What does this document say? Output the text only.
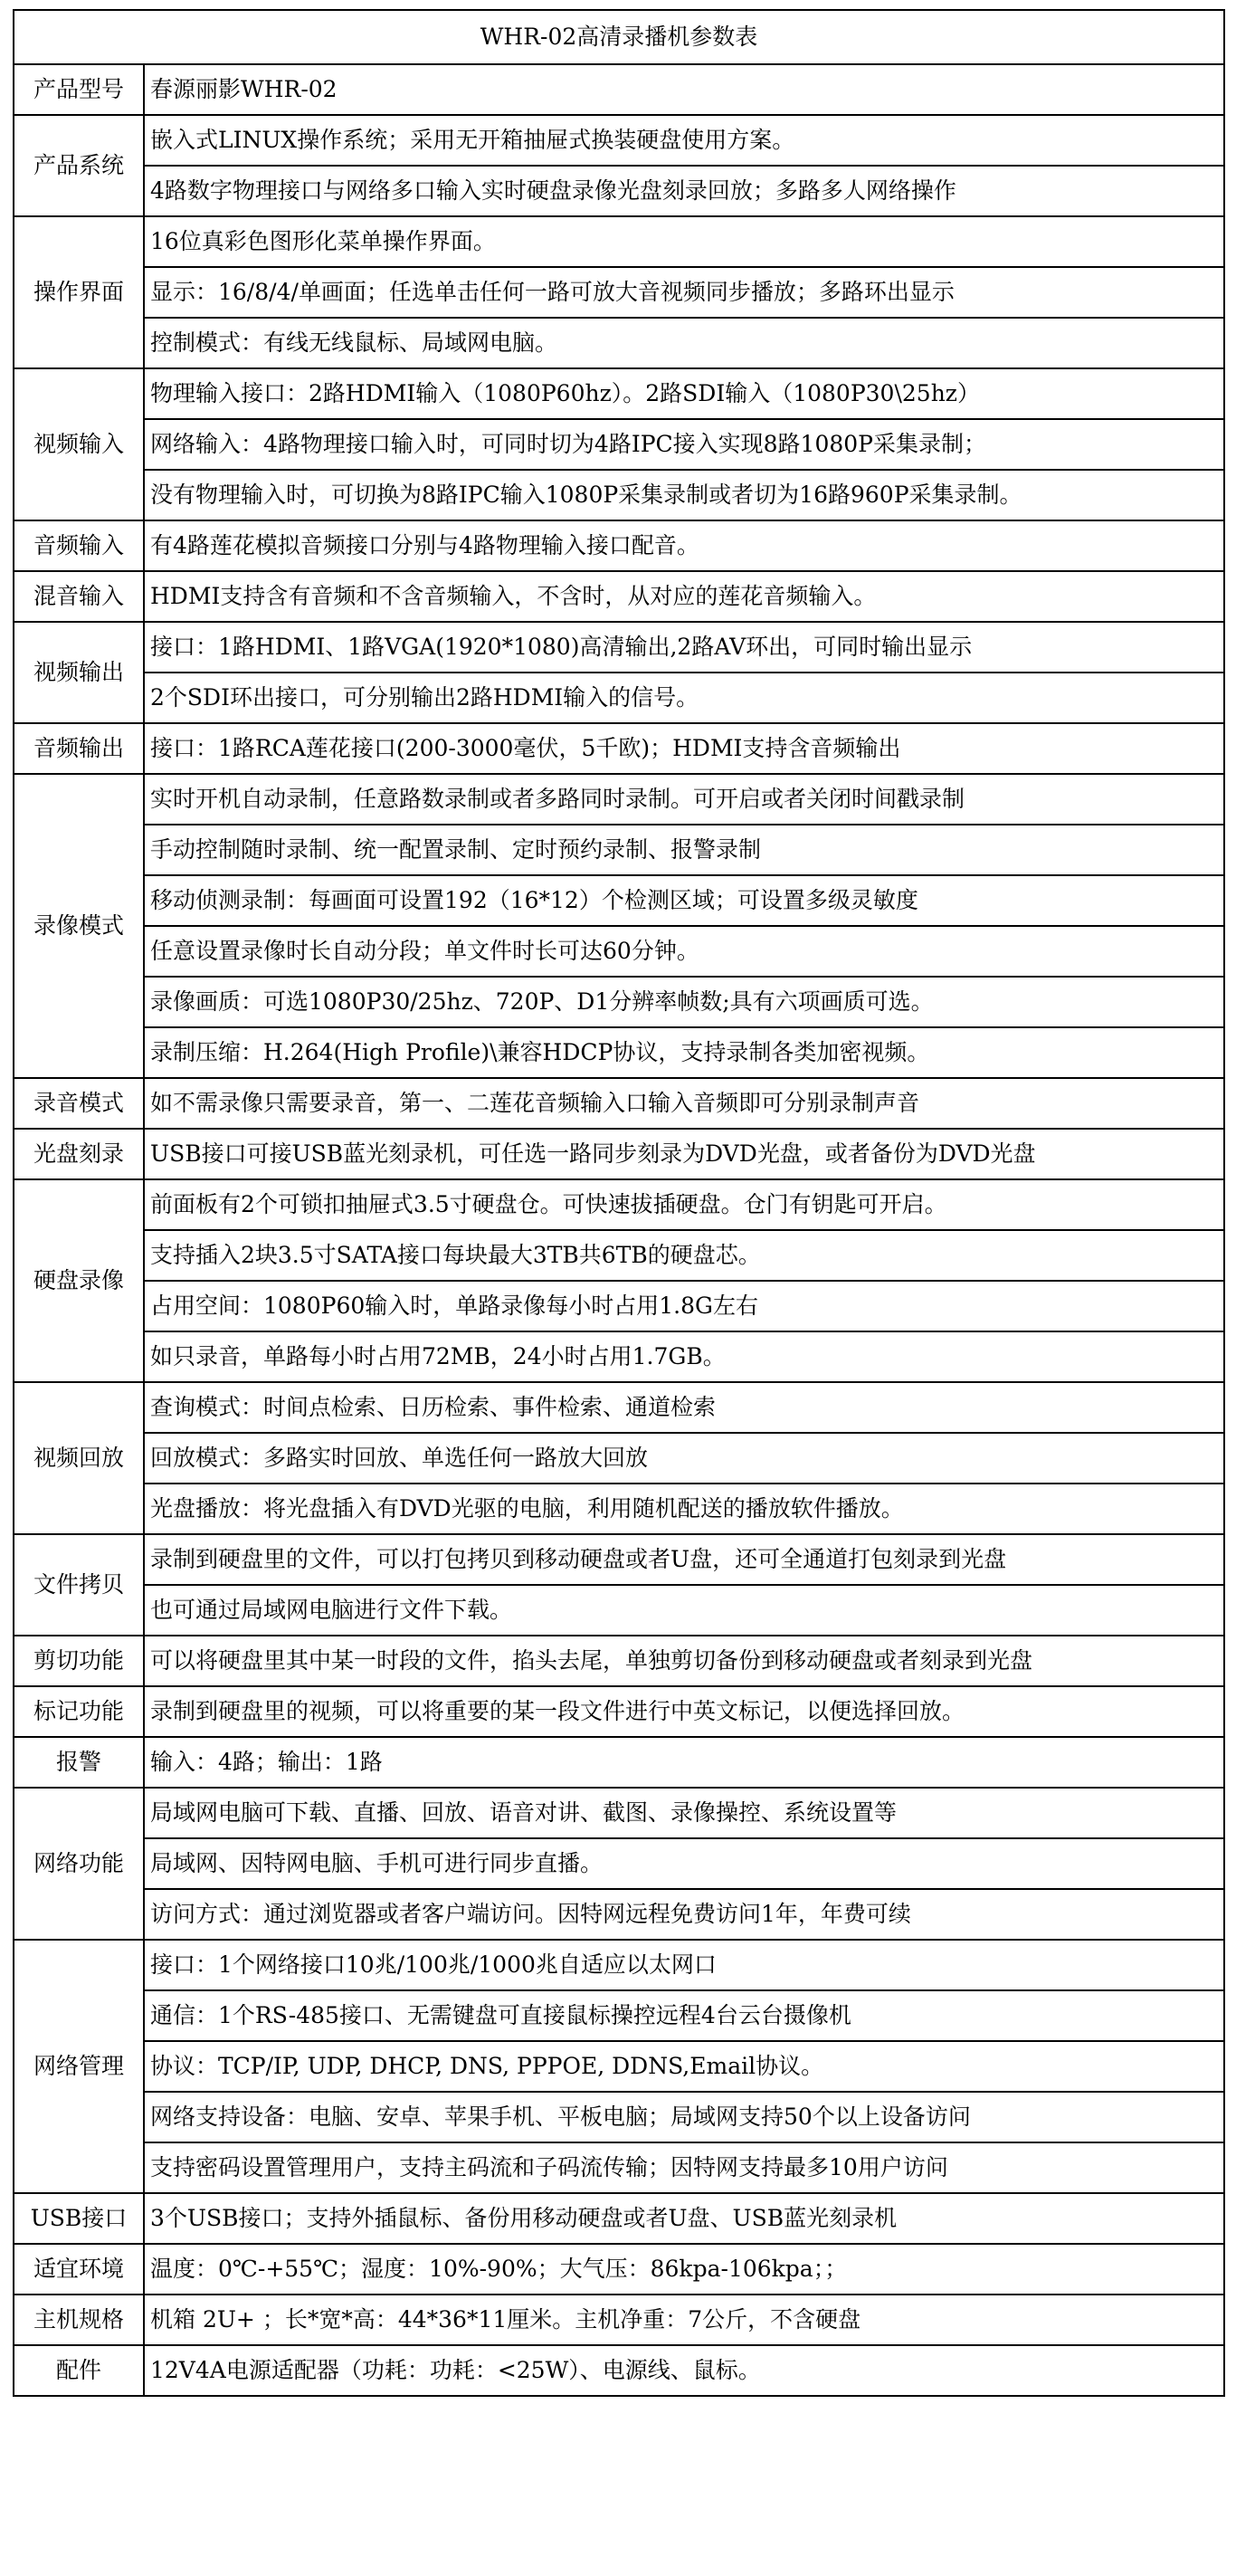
WHR-02高清录播机参数表	
产品型号	春源丽影WHR-02
产品系统	嵌入式LINUX操作系统；采用无开箱抽屉式换装硬盘使用方案。
	4路数字物理接口与网络多口输入实时硬盘录像光盘刻录回放；多路多人网络操作
操作界面	16位真彩色图形化菜单操作界面。
	显示：16/8/4/单画面；任选单击任何一路可放大音视频同步播放；多路环出显示
	控制模式：有线无线鼠标、局域网电脑。
视频输入	物理输入接口：2路HDMI输入（1080P60hz）。2路SDI输入（1080P30\25hz）
	网络输入：4路物理接口输入时，可同时切为4路IPC接入实现8路1080P采集录制；
	没有物理输入时，可切换为8路IPC输入1080P采集录制或者切为16路960P采集录制。
音频输入	有4路莲花模拟音频接口分别与4路物理输入接口配音。
混音输入	HDMI支持含有音频和不含音频输入，不含时，从对应的莲花音频输入。
视频输出	接口：1路HDMI、1路VGA(1920*1080)高清输出,2路AV环出，可同时输出显示
	2个SDI环出接口，可分别输出2路HDMI输入的信号。
音频输出	接口：1路RCA莲花接口(200-3000毫伏，5千欧)；HDMI支持含音频输出
录像模式	实时开机自动录制，任意路数录制或者多路同时录制。可开启或者关闭时间戳录制
	手动控制随时录制、统一配置录制、定时预约录制、报警录制
	移动侦测录制：每画面可设置192（16*12）个检测区域；可设置多级灵敏度
	任意设置录像时长自动分段；单文件时长可达60分钟。
	录像画质：可选1080P30/25hz、720P、D1分辨率帧数;具有六项画质可选。
	录制压缩：H.264(High Profile)\兼容HDCP协议，支持录制各类加密视频。
录音模式	如不需录像只需要录音，第一、二莲花音频输入口输入音频即可分别录制声音
光盘刻录	USB接口可接USB蓝光刻录机，可任选一路同步刻录为DVD光盘，或者备份为DVD光盘
硬盘录像	前面板有2个可锁扣抽屉式3.5寸硬盘仓。可快速拔插硬盘。仓门有钥匙可开启。
	支持插入2块3.5寸SATA接口每块最大3TB共6TB的硬盘芯。
	占用空间：1080P60输入时，单路录像每小时占用1.8G左右
	如只录音，单路每小时占用72MB，24小时占用1.7GB。
视频回放	查询模式：时间点检索、日历检索、事件检索、通道检索
	回放模式：多路实时回放、单选任何一路放大回放
	光盘播放：将光盘插入有DVD光驱的电脑，利用随机配送的播放软件播放。
文件拷贝	录制到硬盘里的文件，可以打包拷贝到移动硬盘或者U盘，还可全通道打包刻录到光盘
	也可通过局域网电脑进行文件下载。
剪切功能	可以将硬盘里其中某一时段的文件，掐头去尾，单独剪切备份到移动硬盘或者刻录到光盘
标记功能	录制到硬盘里的视频，可以将重要的某一段文件进行中英文标记，以便选择回放。
报警	输入：4路；输出：1路
网络功能	局域网电脑可下载、直播、回放、语音对讲、截图、录像操控、系统设置等
	局域网、因特网电脑、手机可进行同步直播。
	访问方式：通过浏览器或者客户端访问。因特网远程免费访问1年，年费可续
网络管理	接口：1个网络接口10兆/100兆/1000兆自适应以太网口
	通信：1个RS-485接口、无需键盘可直接鼠标操控远程4台云台摄像机
	协议：TCP/IP, UDP, DHCP, DNS, PPPOE, DDNS,Email协议。
	网络支持设备：电脑、安卓、苹果手机、平板电脑；局域网支持50个以上设备访问
	支持密码设置管理用户，支持主码流和子码流传输；因特网支持最多10用户访问
USB接口	3个USB接口；支持外插鼠标、备份用移动硬盘或者U盘、USB蓝光刻录机
适宜环境	温度：0℃-+55℃；湿度：10%-90%；大气压：86kpa-106kpa；；
主机规格	机箱 2U+ ；长*宽*高：44*36*11厘米。主机净重：7公斤，不含硬盘
配件	12V4A电源适配器（功耗：功耗：<25W）、电源线、鼠标。
